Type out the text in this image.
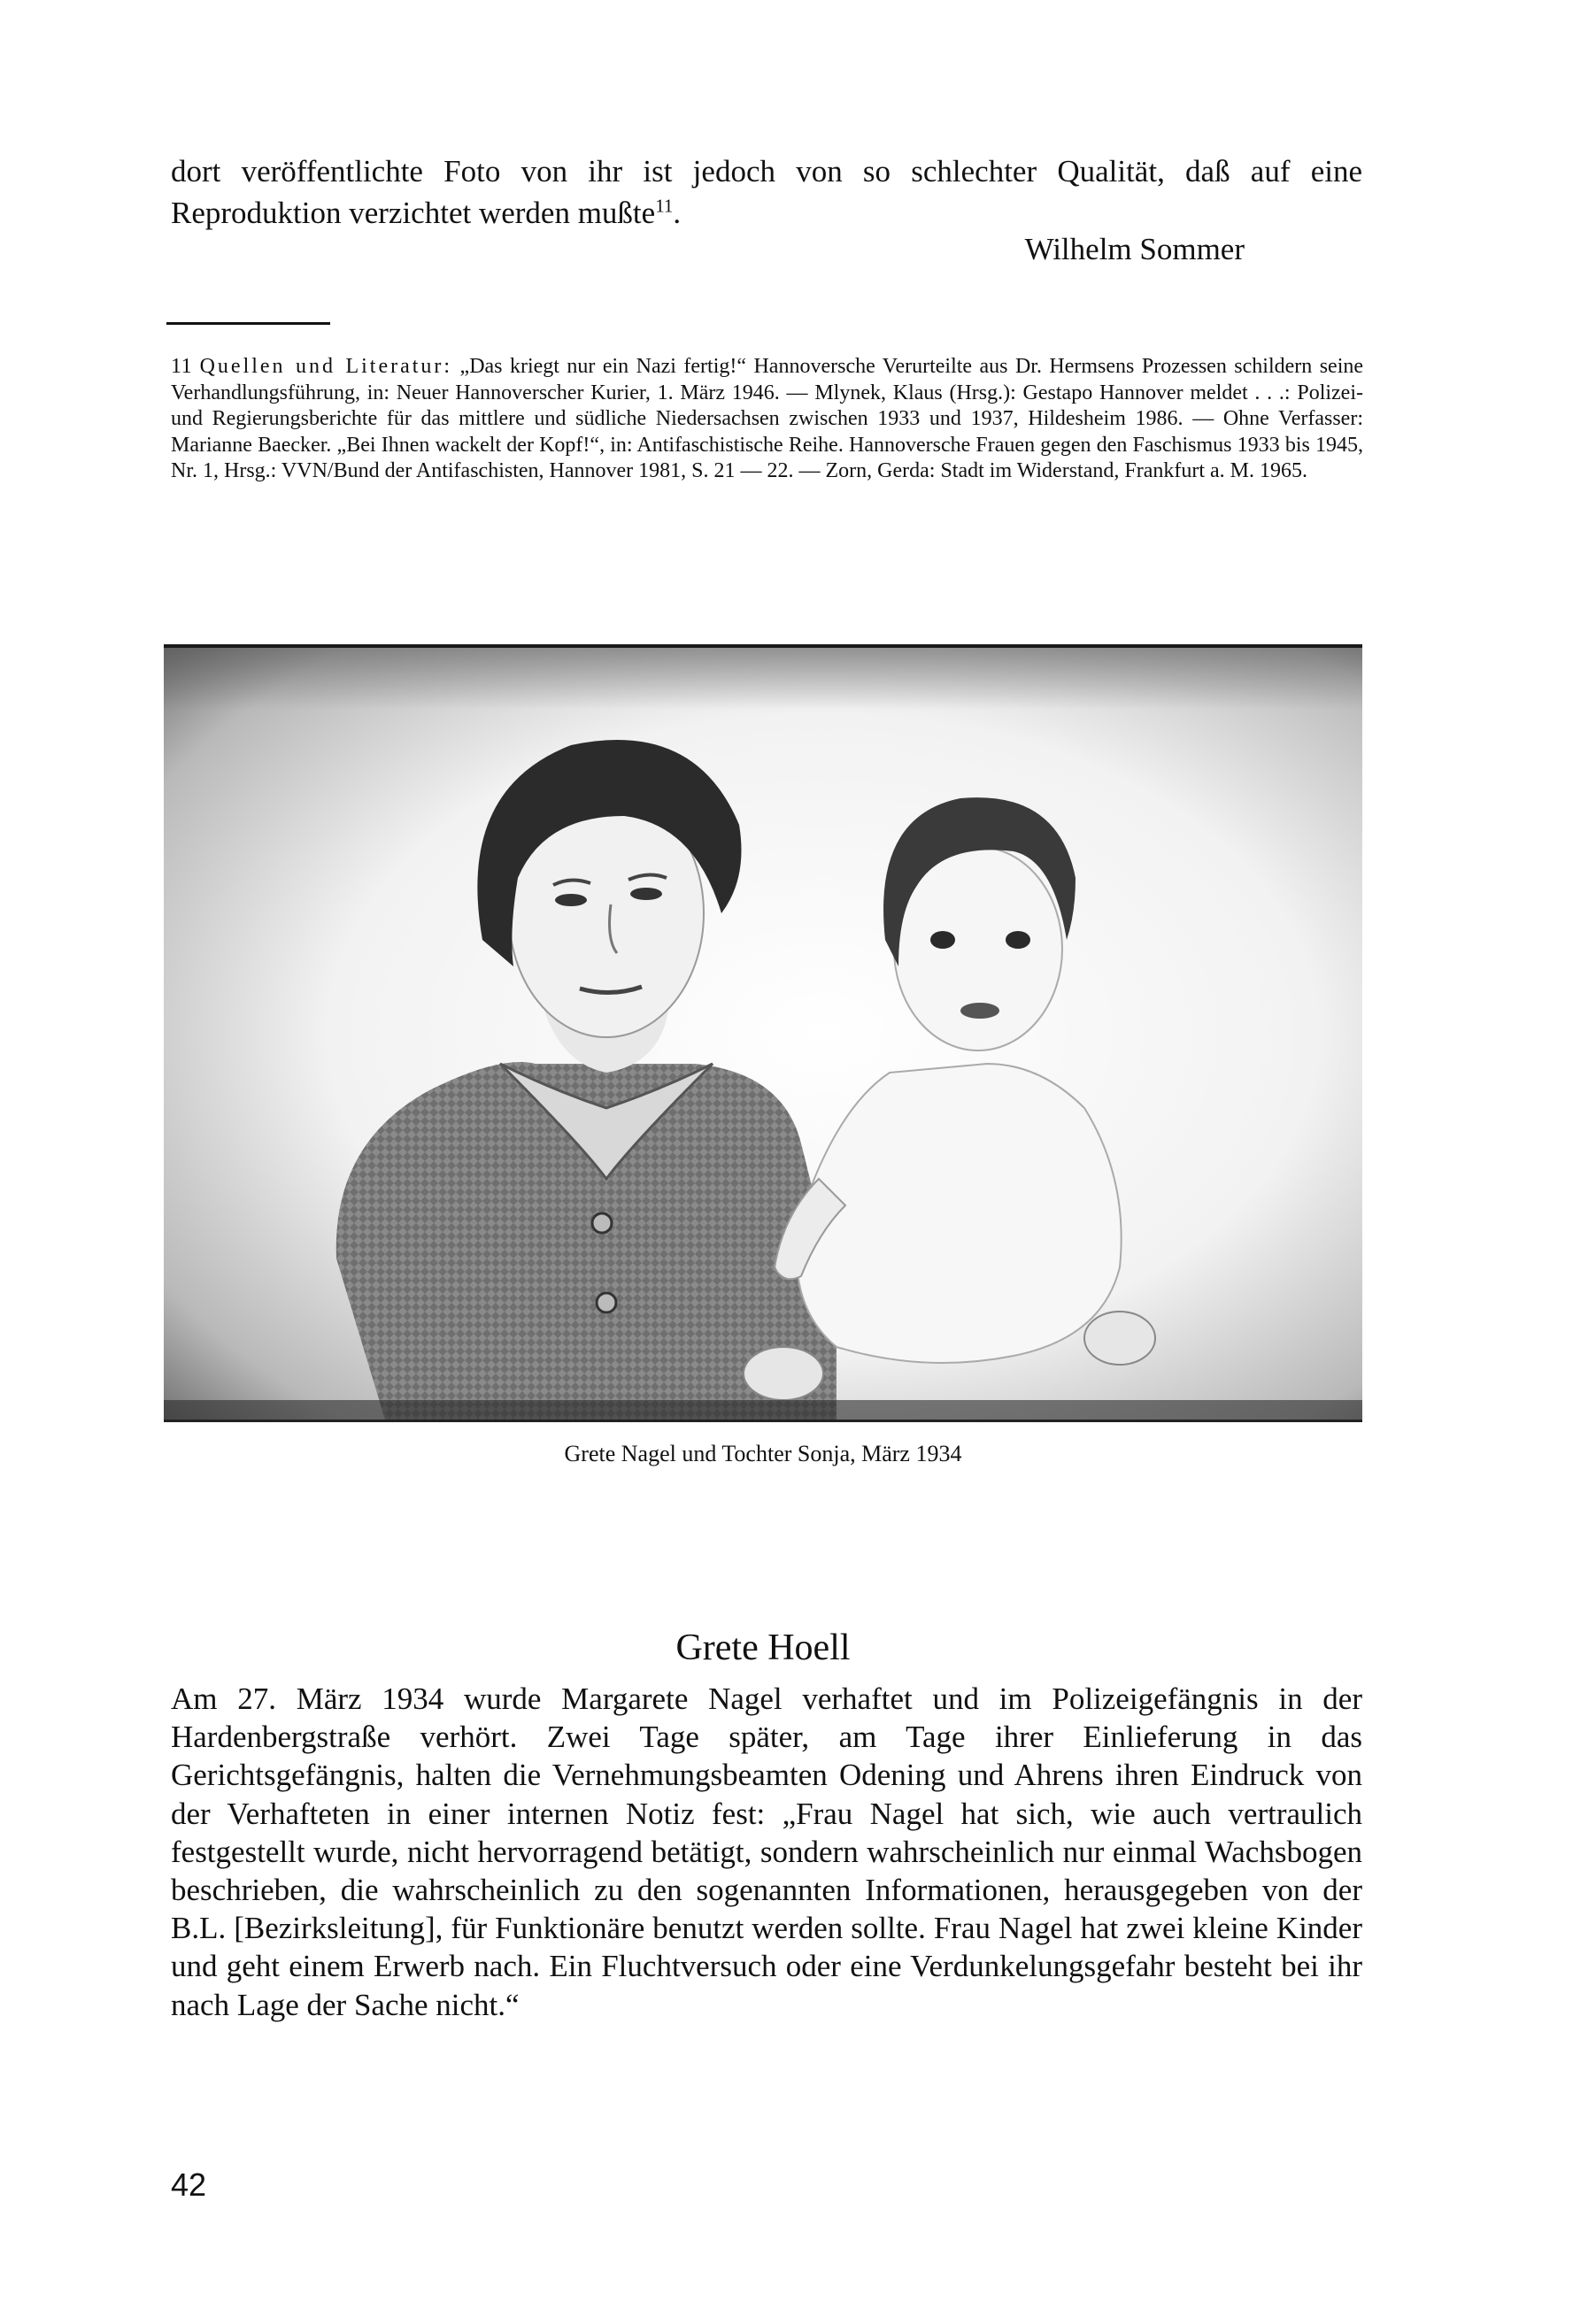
dort veröffentlichte Foto von ihr ist jedoch von so schlechter Qualität, daß auf eine Reproduktion verzichtet werden mußte$^{11}$.
Wilhelm Sommer
11 Quellen und Literatur: „Das kriegt nur ein Nazi fertig!“ Hannoversche Verurteilte aus Dr. Hermsens Prozessen schildern seine Verhandlungsführung, in: Neuer Hannoverscher Kurier, 1. März 1946. — Mlynek, Klaus (Hrsg.): Gestapo Hannover meldet . . .: Polizei- und Regierungsberichte für das mittlere und südliche Niedersachsen zwischen 1933 und 1937, Hildesheim 1986. — Ohne Verfasser: Marianne Baecker. „Bei Ihnen wackelt der Kopf!“, in: Antifaschistische Reihe. Hannoversche Frauen gegen den Faschismus 1933 bis 1945, Nr. 1, Hrsg.: VVN/Bund der Antifaschisten, Hannover 1981, S. 21 — 22. — Zorn, Gerda: Stadt im Widerstand, Frankfurt a. M. 1965.
Grete Nagel und Tochter Sonja, März 1934
Grete Hoell
Am 27. März 1934 wurde Margarete Nagel verhaftet und im Polizeigefängnis in der Hardenbergstraße verhört. Zwei Tage später, am Tage ihrer Einlieferung in das Gerichtsgefängnis, halten die Vernehmungsbeamten Odening und Ahrens ihren Eindruck von der Verhafteten in einer internen Notiz fest: „Frau Nagel hat sich, wie auch vertraulich festgestellt wurde, nicht hervorragend betätigt, sondern wahrscheinlich nur einmal Wachsbogen beschrieben, die wahrscheinlich zu den sogenannten Informationen, herausgegeben von der B.L. [Bezirksleitung], für Funktionäre benutzt werden sollte. Frau Nagel hat zwei kleine Kinder und geht einem Erwerb nach. Ein Fluchtversuch oder eine Verdunkelungsgefahr besteht bei ihr nach Lage der Sache nicht.“
42
